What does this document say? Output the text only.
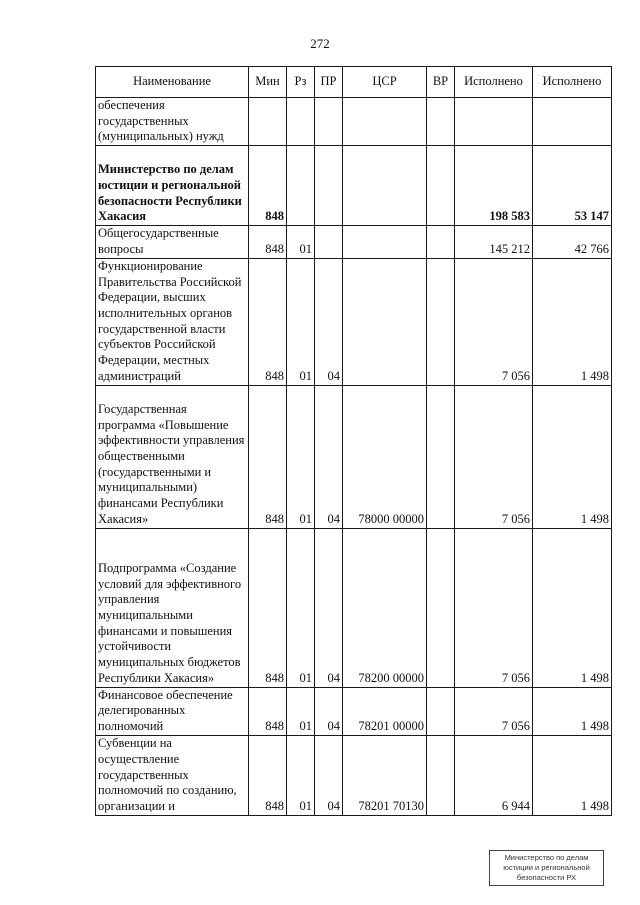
272
Наименование	Мин	Рз	ПР	ЦСР	ВР	Исполнено	Исполнено
обеспечения государственных (муниципальных) нужд							
Министерство по делам юстиции и региональной безопасности Республики Хакасия	848					198 583	53 147
Общегосударственные вопросы	848	01				145 212	42 766
Функционирование Правительства Российской Федерации, высших исполнительных органов государственной власти субъектов Российской Федерации, местных администраций	848	01	04			7 056	1 498
Государственная программа «Повышение эффективности управления общественными (государственными и муниципальными) финансами Республики Хакасия»	848	01	04	78000 00000		7 056	1 498
Подпрограмма «Создание условий для эффективного управления муниципальными финансами и повышения устойчивости муниципальных бюджетов Республики Хакасия»	848	01	04	78200 00000		7 056	1 498
Финансовое обеспечение делегированных полномочий	848	01	04	78201 00000		7 056	1 498
Субвенции на осуществление государственных полномочий по созданию, организации и	848	01	04	78201 70130		6 944	1 498
Министерство по делам
юстиции и региональной
безопасности РХ
